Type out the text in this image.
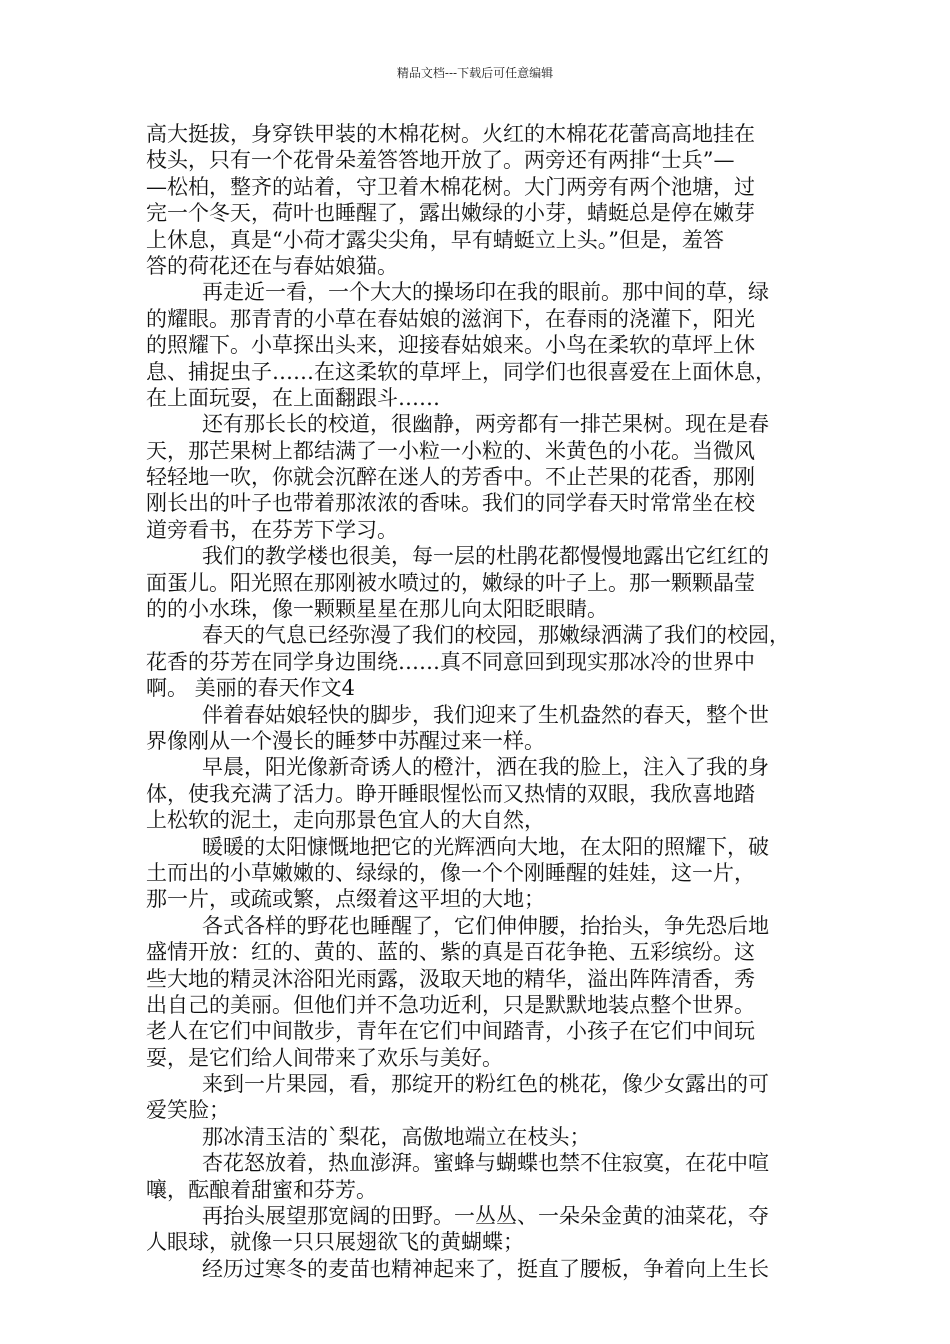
精品文档---下载后可任意编辑
高大挺拔，身穿铁甲装的木棉花树。火红的木棉花花蕾高高地挂在
枝头，只有一个花骨朵羞答答地开放了。两旁还有两排“士兵”—
—松柏，整齐的站着，守卫着木棉花树。大门两旁有两个池塘，过
完一个冬天，荷叶也睡醒了，露出嫩绿的小芽，蜻蜓总是停在嫩芽
上休息，真是“小荷才露尖尖角，早有蜻蜓立上头。”但是，羞答
答的荷花还在与春姑娘猫。
再走近一看，一个大大的操场印在我的眼前。那中间的草，绿
的耀眼。那青青的小草在春姑娘的滋润下，在春雨的浇灌下，阳光
的照耀下。小草探出头来，迎接春姑娘来。小鸟在柔软的草坪上休
息、捕捉虫子……在这柔软的草坪上，同学们也很喜爱在上面休息，
在上面玩耍，在上面翻跟斗……
还有那长长的校道，很幽静，两旁都有一排芒果树。现在是春
天，那芒果树上都结满了一小粒一小粒的、米黄色的小花。当微风
轻轻地一吹，你就会沉醉在迷人的芳香中。不止芒果的花香，那刚
刚长出的叶子也带着那浓浓的香味。我们的同学春天时常常坐在校
道旁看书，在芬芳下学习。
我们的教学楼也很美，每一层的杜鹃花都慢慢地露出它红红的
面蛋儿。阳光照在那刚被水喷过的，嫩绿的叶子上。那一颗颗晶莹
的的小水珠，像一颗颗星星在那儿向太阳眨眼睛。
春天的气息已经弥漫了我们的校园，那嫩绿洒满了我们的校园，
花香的芬芳在同学身边围绕……真不同意回到现实那冰冷的世界中
啊。 美丽的春天作文4
伴着春姑娘轻快的脚步，我们迎来了生机盎然的春天，整个世
界像刚从一个漫长的睡梦中苏醒过来一样。
早晨，阳光像新奇诱人的橙汁，洒在我的脸上，注入了我的身
体，使我充满了活力。睁开睡眼惺忪而又热情的双眼，我欣喜地踏
上松软的泥土，走向那景色宜人的大自然，
暖暖的太阳慷慨地把它的光辉洒向大地，在太阳的照耀下，破
土而出的小草嫩嫩的、绿绿的，像一个个刚睡醒的娃娃，这一片，
那一片，或疏或繁，点缀着这平坦的大地；
各式各样的野花也睡醒了，它们伸伸腰，抬抬头，争先恐后地
盛情开放：红的、黄的、蓝的、紫的真是百花争艳、五彩缤纷。这
些大地的精灵沐浴阳光雨露，汲取天地的精华，溢出阵阵清香，秀
出自己的美丽。但他们并不急功近利，只是默默地装点整个世界。
老人在它们中间散步，青年在它们中间踏青，小孩子在它们中间玩
耍，是它们给人间带来了欢乐与美好。
来到一片果园，看，那绽开的粉红色的桃花，像少女露出的可
爱笑脸；
那冰清玉洁的`梨花，高傲地端立在枝头；
杏花怒放着，热血澎湃。蜜蜂与蝴蝶也禁不住寂寞，在花中喧
嚷，酝酿着甜蜜和芬芳。
再抬头展望那宽阔的田野。一丛丛、一朵朵金黄的油菜花，夺
人眼球，就像一只只展翅欲飞的黄蝴蝶；
经历过寒冬的麦苗也精神起来了，挺直了腰板，争着向上生长
